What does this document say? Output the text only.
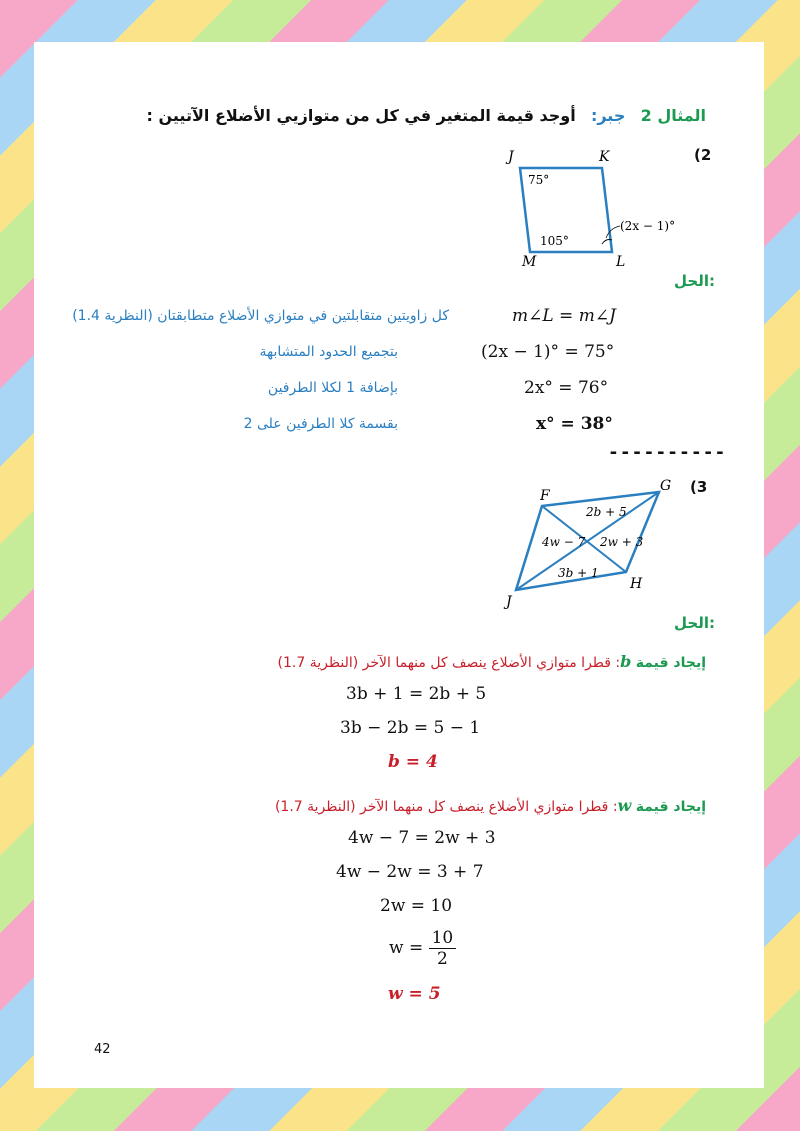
المثال 2   جبر:   أوجد قيمة المتغير في كل من متوازيي الأضلاع الآتيين :
(2
J	K
L
M
75°
105°
(2x − 1)°
الحل:
m∠L = m∠J
كل زاويتين متقابلتين في متوازي الأضلاع متطابقتان (النظرية 1.4)
(2x − 1)° = 75°
بتجميع الحدود المتشابهة
2x° = 76°
بإضافة 1 لكلا الطرفين
x° = 38°
بقسمة كلا الطرفين على 2
----------
(3
F
G
H
J
2b + 5
4w − 7 2w + 3
3b + 1
الحل:
إيجاد قيمة b: قطرا متوازي الأضلاع ينصف كل منهما الآخر (النظرية 1.7)
3b + 1 = 2b + 5
3b − 2b = 5 − 1
b = 4
إيجاد قيمة w: قطرا متوازي الأضلاع ينصف كل منهما الآخر (النظرية 1.7)
4w − 7 = 2w + 3
4w − 2w = 3 + 7
2w = 10
$w = \frac{10}{2}$
w = 5
42
